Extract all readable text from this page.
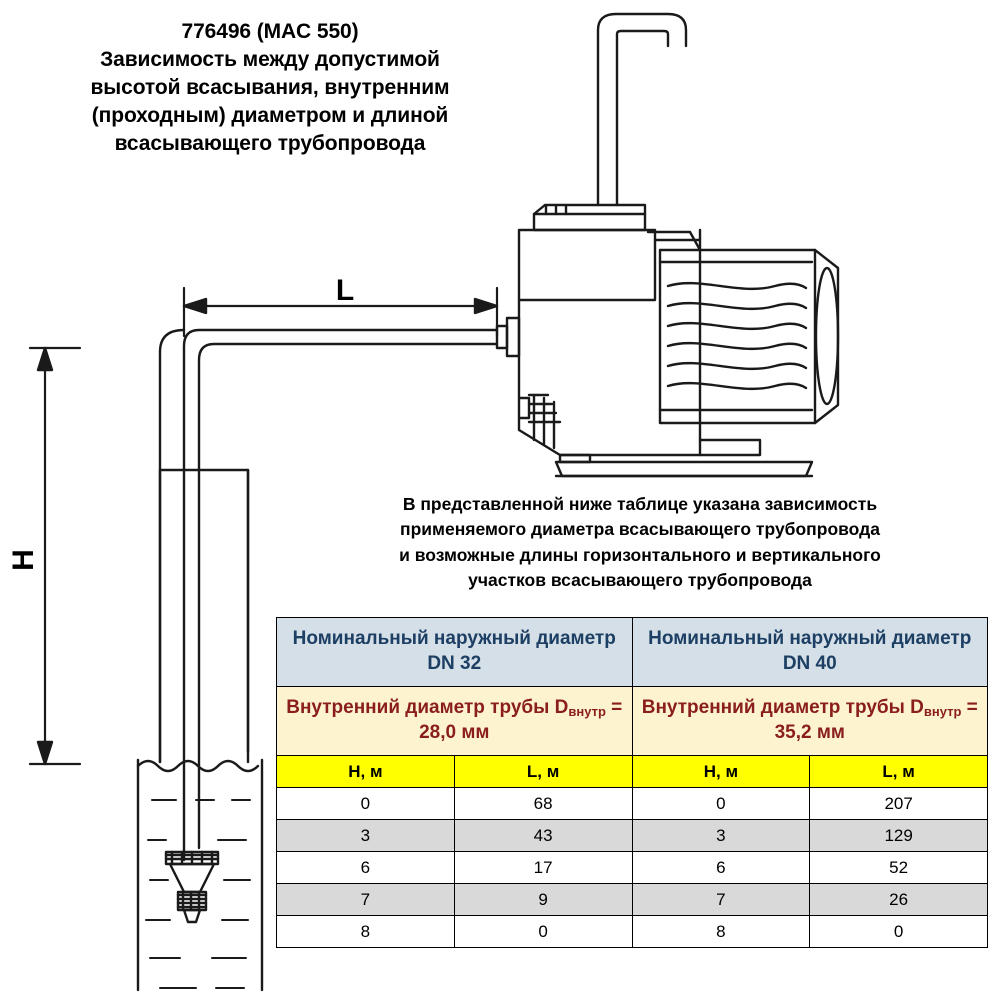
776496 (MAC 550)
Зависимость между допустимой
высотой всасывания, внутренним
(проходным) диаметром и длиной
всасывающего трубопровода
L
H
В представленной ниже таблице указана зависимость
применяемого диаметра всасывающего трубопровода
и возможные длины горизонтального и вертикального
участков всасывающего трубопровода
Номинальный наружный диаметр DN 32		Номинальный наружный диаметр DN 40	
Внутренний диаметр трубы Dвнутр = 28,0 мм		Внутренний диаметр трубы Dвнутр = 35,2 мм	
H, м	L, м	H, м	L, м
0	68	0	207
3	43	3	129
6	17	6	52
7	9	7	26
8	0	8	0
